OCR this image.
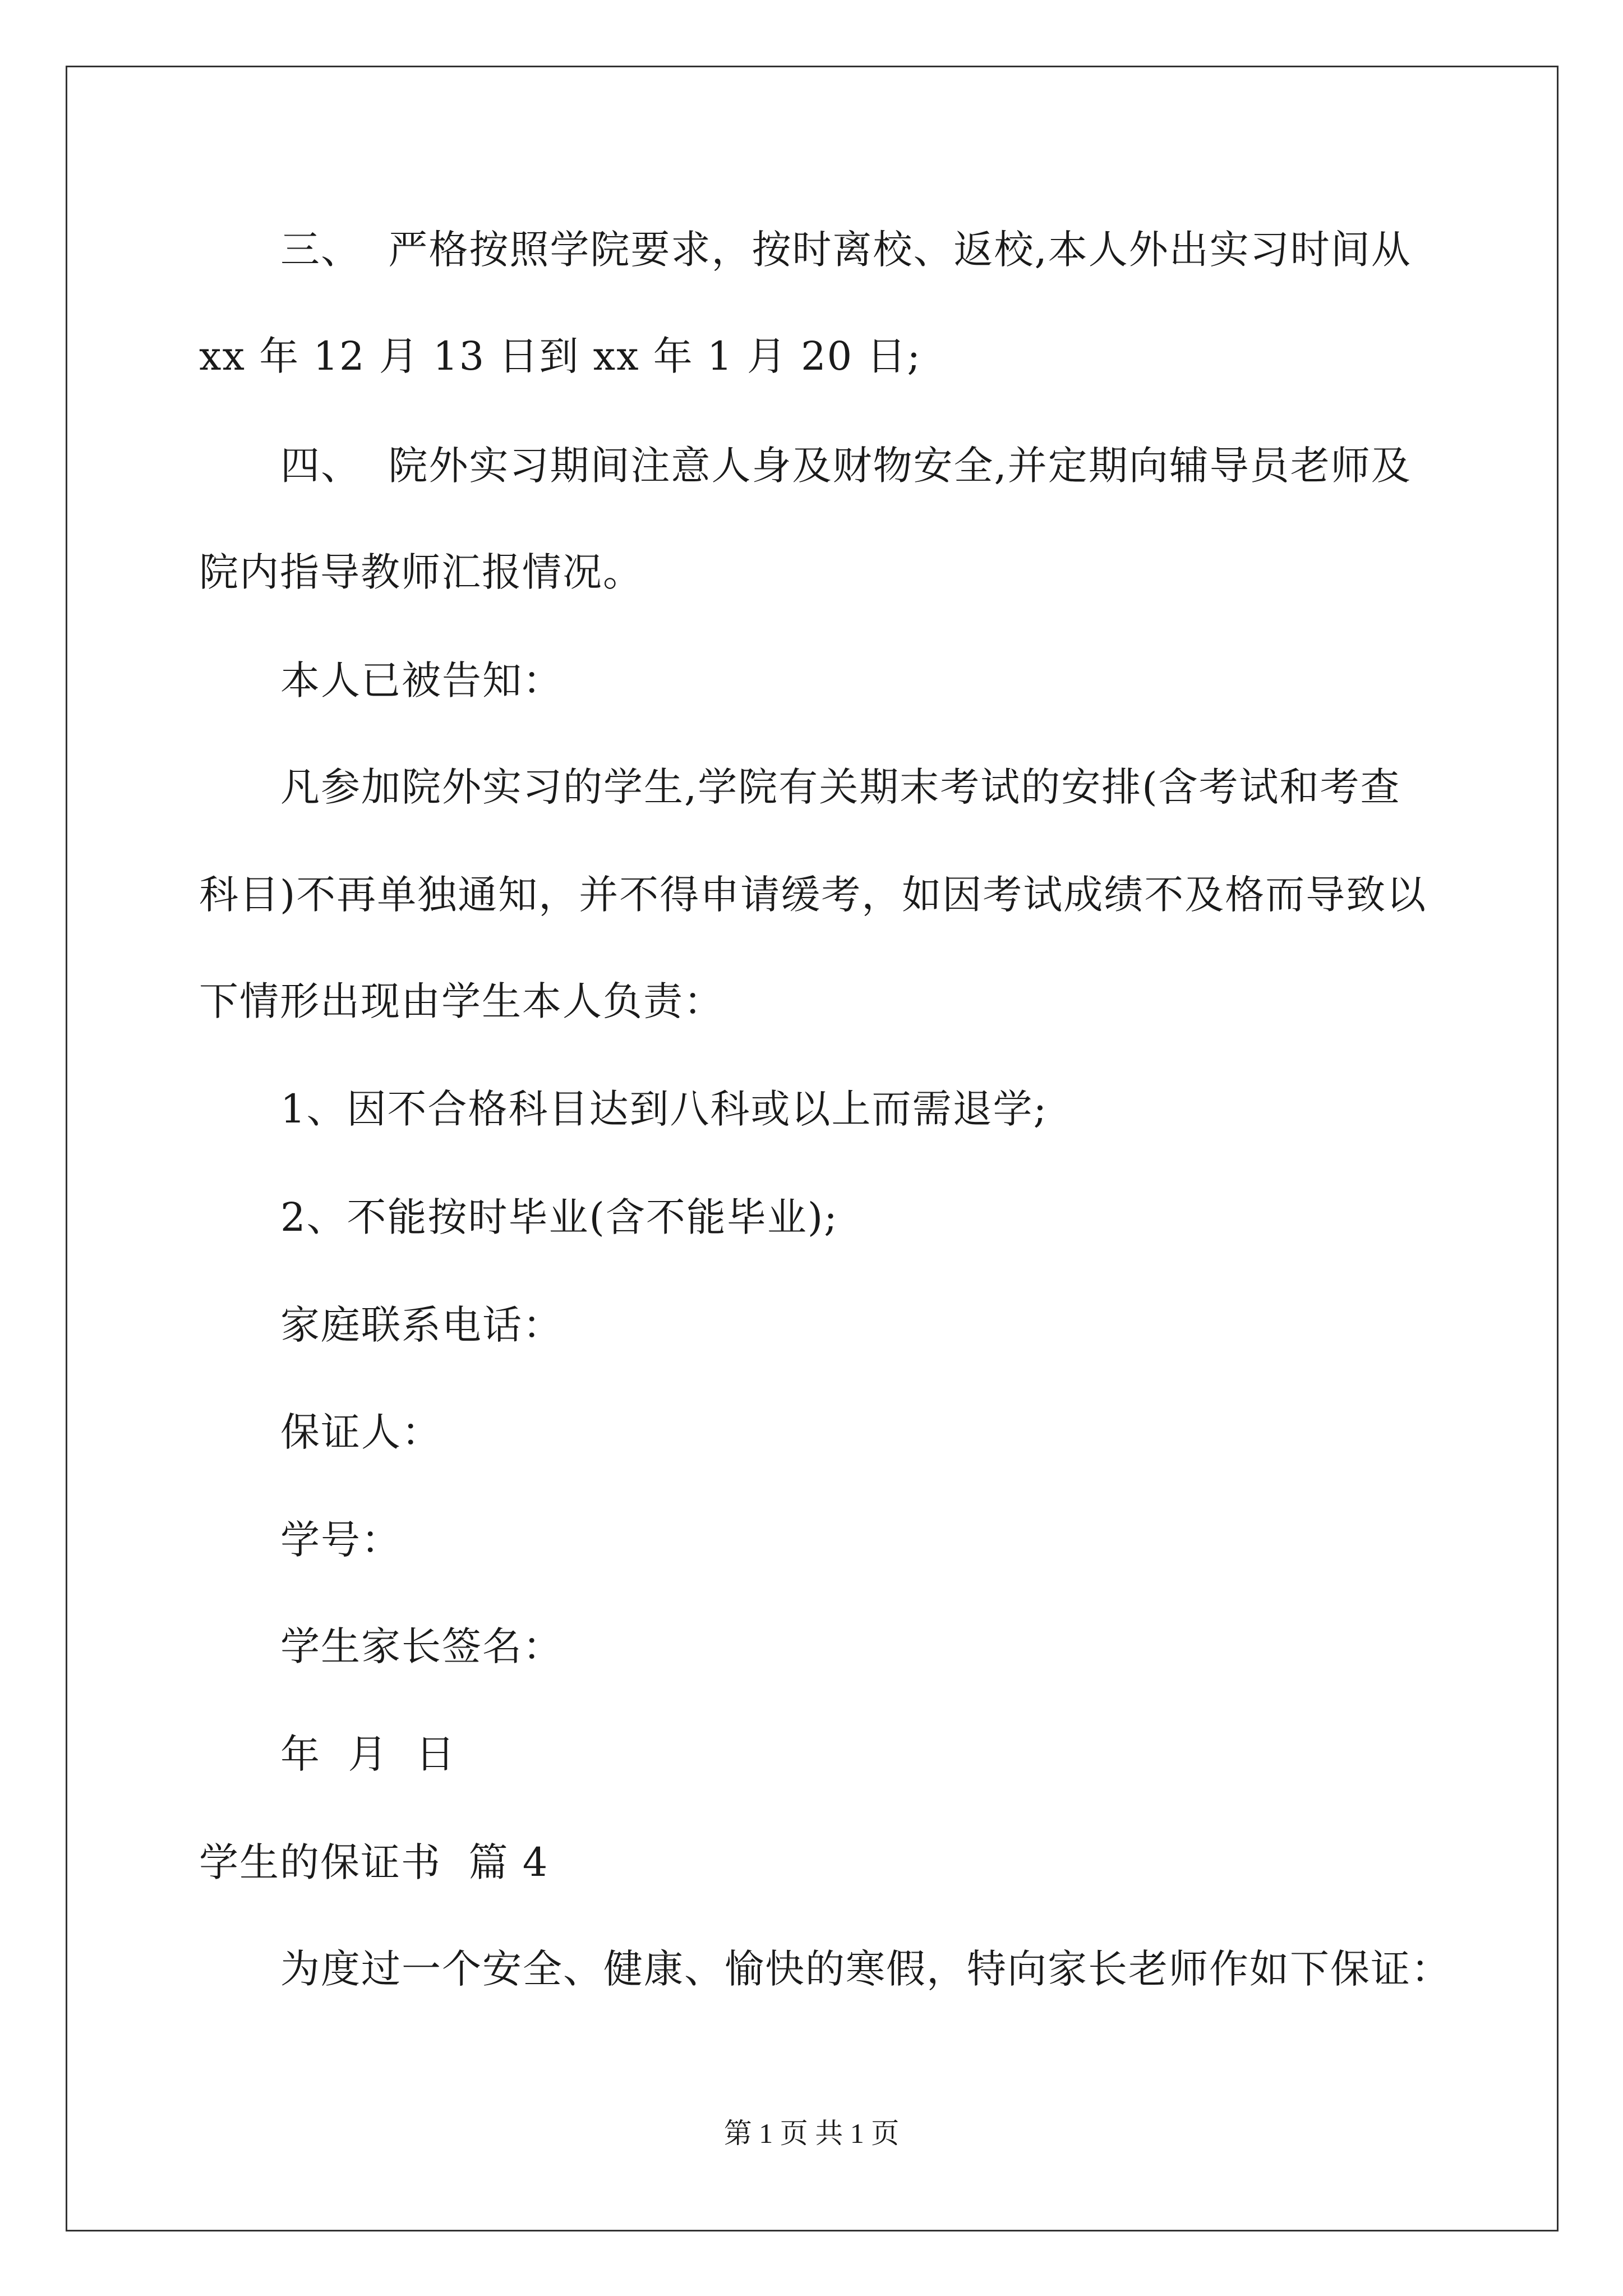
三、  严格按照学院要求，按时离校、返校,本人外出实习时间从
xx 年 12 月 13 日到 xx 年 1 月 20 日;
四、  院外实习期间注意人身及财物安全,并定期向辅导员老师及
院内指导教师汇报情况。
本人已被告知：
凡参加院外实习的学生,学院有关期末考试的安排(含考试和考查
科目)不再单独通知，并不得申请缓考，如因考试成绩不及格而导致以
下情形出现由学生本人负责：
1、因不合格科目达到八科或以上而需退学;
2、不能按时毕业(含不能毕业);
家庭联系电话：
保证人：
学号：
学生家长签名：
年  月  日
学生的保证书  篇 4
为度过一个安全、健康、愉快的寒假，特向家长老师作如下保证：
第 1 页 共 1 页
